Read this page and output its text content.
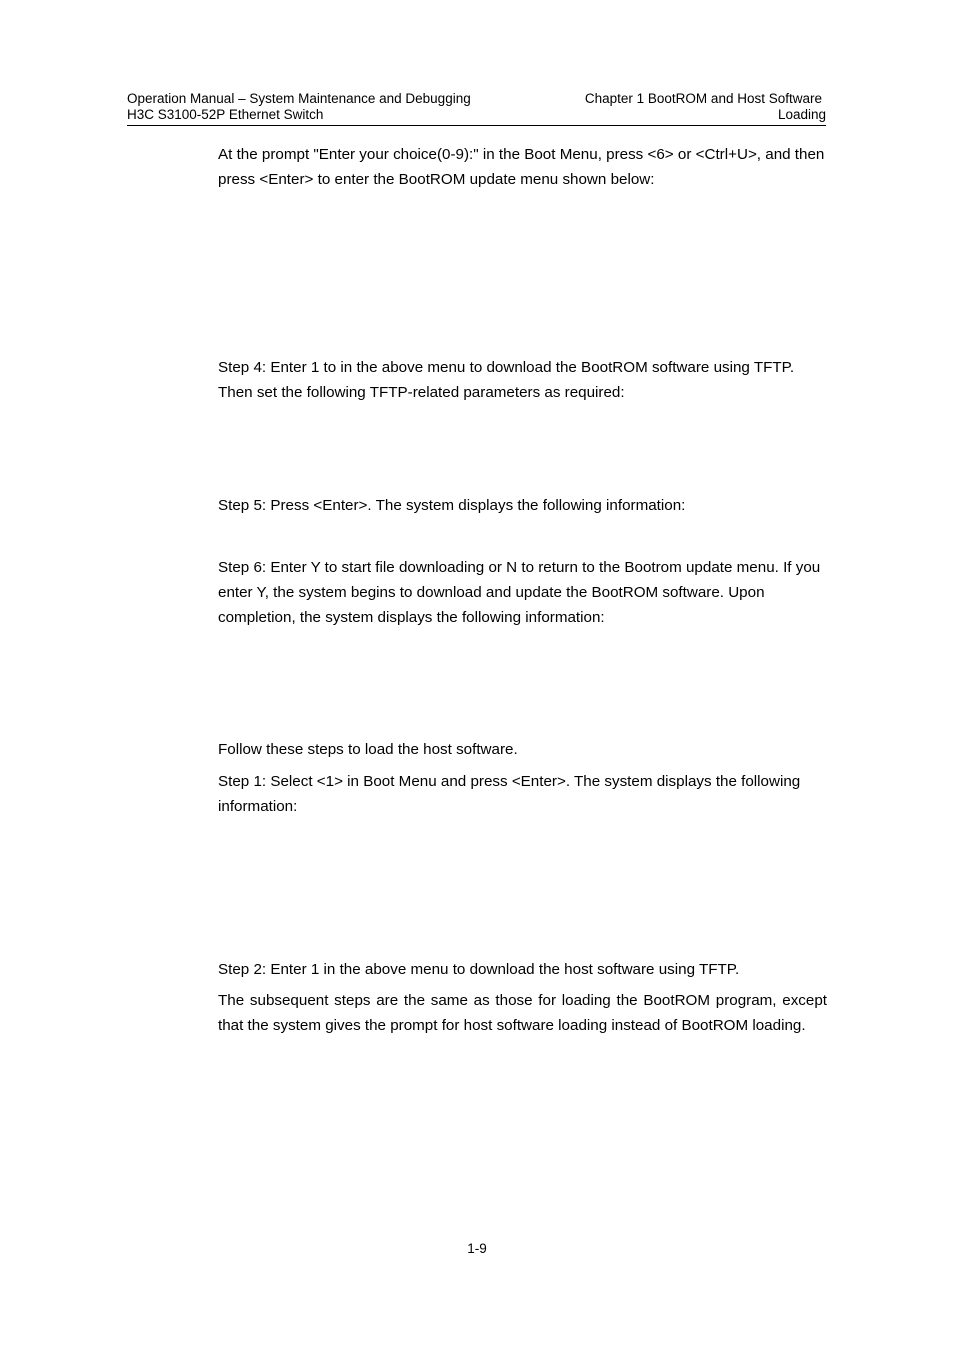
Operation Manual – System Maintenance and Debugging
H3C S3100-52P Ethernet Switch
Chapter 1 BootROM and Host Software
Loading

At the prompt "Enter your choice(0-9):" in the Boot Menu, press <6> or <Ctrl+U>, and then press <Enter> to enter the BootROM update menu shown below:

Step 4: Enter 1 to in the above menu to download the BootROM software using TFTP. Then set the following TFTP-related parameters as required:

Step 5: Press <Enter>. The system displays the following information:

Step 6: Enter Y to start file downloading or N to return to the Bootrom update menu. If you enter Y, the system begins to download and update the BootROM software. Upon completion, the system displays the following information:

Follow these steps to load the host software.

Step 1: Select <1> in Boot Menu and press <Enter>. The system displays the following information:

Step 2: Enter 1 in the above menu to download the host software using TFTP.

The subsequent steps are the same as those for loading the BootROM program, except that the system gives the prompt for host software loading instead of BootROM loading.

1-9
